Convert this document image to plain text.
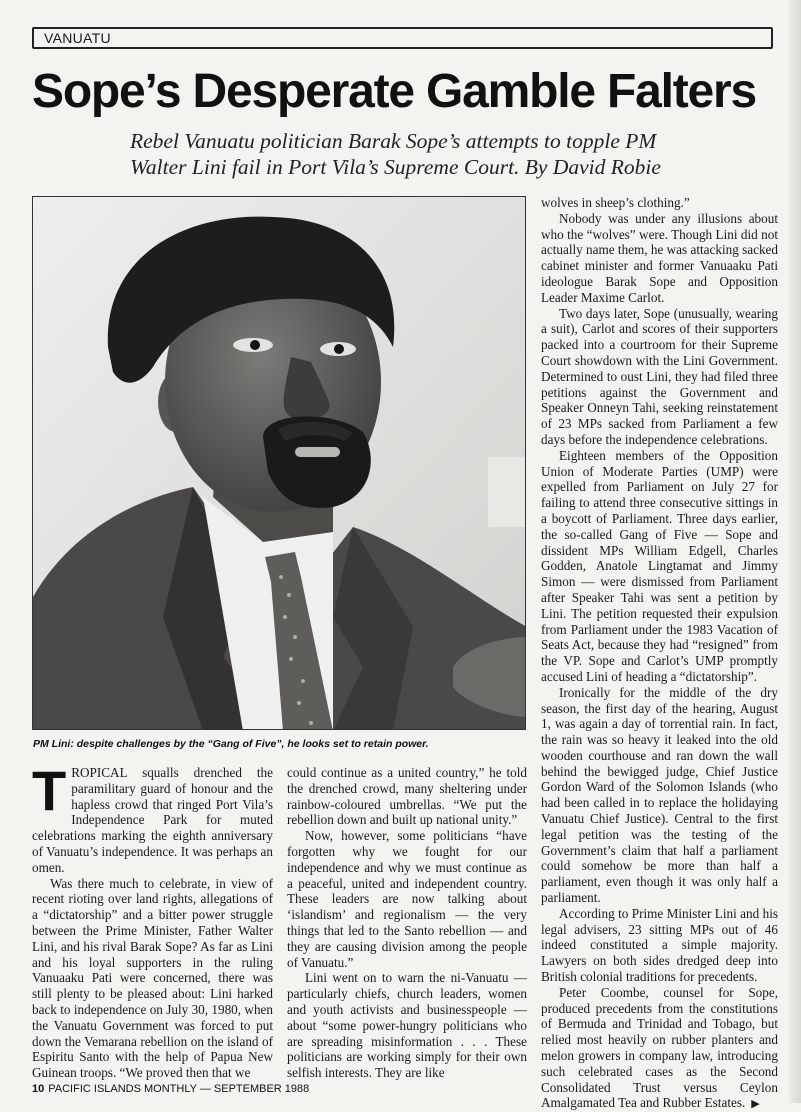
VANUATU
Sope’s Desperate Gamble Falters

Rebel Vanuatu politician Barak Sope’s attempts to topple PM Walter Lini fail in Port Vila’s Supreme Court. By David Robie

PM Lini: despite challenges by the “Gang of Five”, he looks set to retain power.

TROPICAL squalls drenched the paramilitary guard of honour and the hapless crowd that ringed Port Vila’s Independence Park for muted celebrations marking the eighth anniversary of Vanuatu’s independence. It was perhaps an omen.

Was there much to celebrate, in view of recent rioting over land rights, allegations of a “dictatorship” and a bitter power struggle between the Prime Minister, Father Walter Lini, and his rival Barak Sope? As far as Lini and his loyal supporters in the ruling Vanuaaku Pati were concerned, there was still plenty to be pleased about: Lini harked back to independence on July 30, 1980, when the Vanuatu Government was forced to put down the Vemarana rebellion on the island of Espiritu Santo with the help of Papua New Guinean troops. “We proved then that we

could continue as a united country,” he told the drenched crowd, many sheltering under rainbow-coloured umbrellas. “We put the rebellion down and built up national unity.”

Now, however, some politicians “have forgotten why we fought for our independence and why we must continue as a peaceful, united and independent country. These leaders are now talking about ‘islandism’ and regionalism — the very things that led to the Santo rebellion — and they are causing division among the people of Vanuatu.”

Lini went on to warn the ni-Vanuatu — particularly chiefs, church leaders, women and youth activists and businesspeople — about “some power-hungry politicians who are spreading misinformation . . . These politicians are working simply for their own selfish interests. They are like

wolves in sheep’s clothing.”

Nobody was under any illusions about who the “wolves” were. Though Lini did not actually name them, he was attacking sacked cabinet minister and former Vanuaaku Pati ideologue Barak Sope and Opposition Leader Maxime Carlot.

Two days later, Sope (unusually, wearing a suit), Carlot and scores of their supporters packed into a courtroom for their Supreme Court showdown with the Lini Government. Determined to oust Lini, they had filed three petitions against the Government and Speaker Onneyn Tahi, seeking reinstatement of 23 MPs sacked from Parliament a few days before the independence celebrations.

Eighteen members of the Opposition Union of Moderate Parties (UMP) were expelled from Parliament on July 27 for failing to attend three consecutive sittings in a boycott of Parliament. Three days earlier, the so-called Gang of Five — Sope and dissident MPs William Edgell, Charles Godden, Anatole Lingtamat and Jimmy Simon — were dismissed from Parliament after Speaker Tahi was sent a petition by Lini. The petition requested their expulsion from Parliament under the 1983 Vacation of Seats Act, because they had “resigned” from the VP. Sope and Carlot’s UMP promptly accused Lini of heading a “dictatorship”.

Ironically for the middle of the dry season, the first day of the hearing, August 1, was again a day of torrential rain. In fact, the rain was so heavy it leaked into the old wooden courthouse and ran down the wall behind the bewigged judge, Chief Justice Gordon Ward of the Solomon Islands (who had been called in to replace the holidaying Vanuatu Chief Justice). Central to the first legal petition was the testing of the Government’s claim that half a parliament could somehow be more than half a parliament, even though it was only half a parliament.

According to Prime Minister Lini and his legal advisers, 23 sitting MPs out of 46 indeed constituted a simple majority. Lawyers on both sides dredged deep into British colonial traditions for precedents.

Peter Coombe, counsel for Sope, produced precedents from the constitutions of Bermuda and Trinidad and Tobago, but relied most heavily on rubber planters and melon growers in company law, introducing such celebrated cases as the Second Consolidated Trust versus Ceylon Amalgamated Tea and Rubber Estates. ▶

10 PACIFIC ISLANDS MONTHLY — SEPTEMBER 1988
